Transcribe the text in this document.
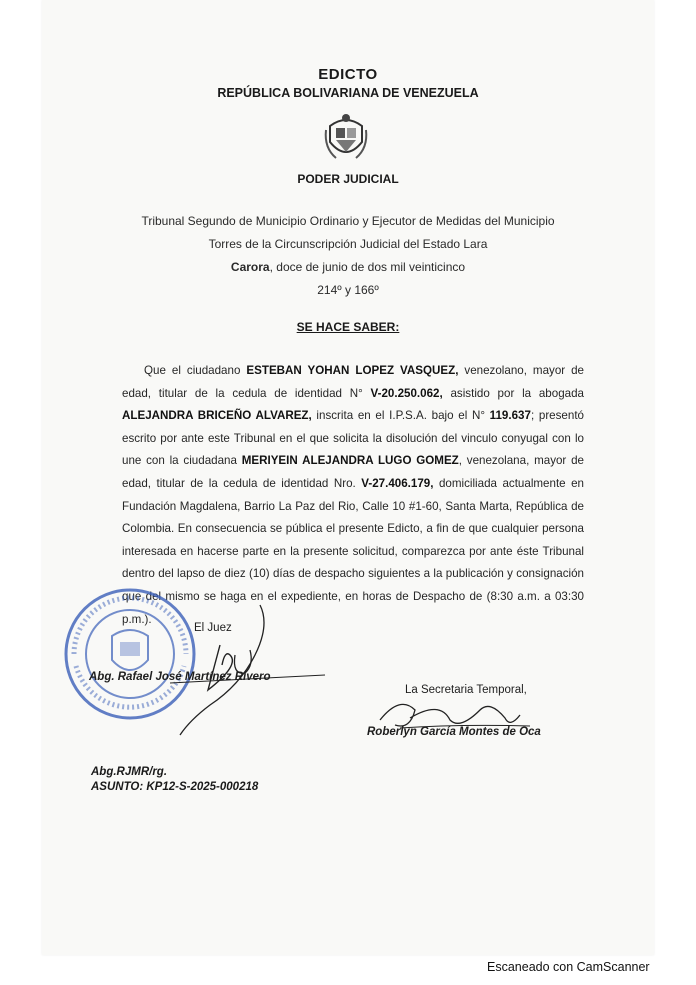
EDICTO
REPÚBLICA BOLIVARIANA DE VENEZUELA
PODER JUDICIAL
Tribunal Segundo de Municipio Ordinario y Ejecutor de Medidas del Municipio
Torres de la Circunscripción Judicial del Estado Lara
Carora, doce de junio de dos mil veinticinco
214º y 166º
SE HACE SABER:
Que el ciudadano ESTEBAN YOHAN LOPEZ VASQUEZ, venezolano, mayor de edad, titular de la cedula de identidad N° V-20.250.062, asistido por la abogada ALEJANDRA BRICEÑO ALVAREZ, inscrita en el I.P.S.A. bajo el N° 119.637; presentó escrito por ante este Tribunal en el que solicita la disolución del vinculo conyugal con lo une con la ciudadana MERIYEIN ALEJANDRA LUGO GOMEZ, venezolana, mayor de edad, titular de la cedula de identidad Nro. V-27.406.179, domiciliada actualmente en Fundación Magdalena, Barrio La Paz del Rio, Calle 10 #1-60, Santa Marta, República de Colombia. En consecuencia se pública el presente Edicto, a fin de que cualquier persona interesada en hacerse parte en la presente solicitud, comparezca por ante éste Tribunal dentro del lapso de diez (10) días de despacho siguientes a la publicación y consignación que del mismo se haga en el expediente, en horas de Despacho de (8:30 a.m. a 03:30 p.m.).
El Juez
Abg. Rafael José Martínez Rivero
La Secretaria Temporal,
Roberlyn García Montes de Oca
Abg.RJMR/rg.
ASUNTO: KP12-S-2025-000218
Escaneado con CamScanner
